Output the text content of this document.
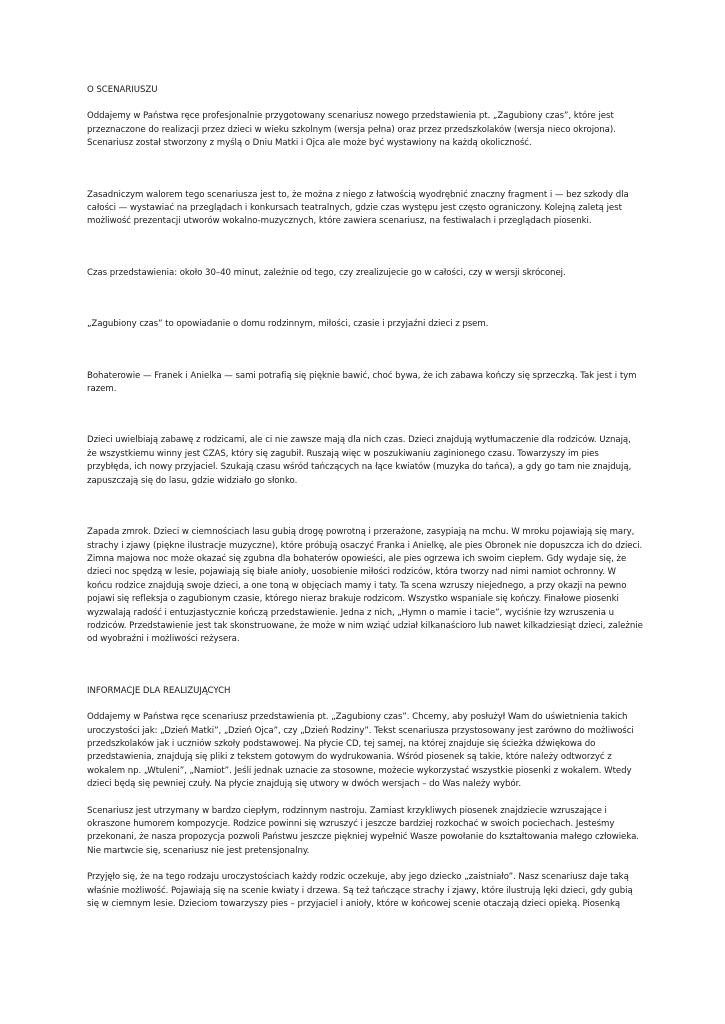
O SCENARIUSZU

Oddajemy w Państwa ręce profesjonalnie przygotowany scenariusz nowego przedstawienia pt. „Zagubiony czas”, które jest przeznaczone do realizacji przez dzieci w wieku szkolnym (wersja pełna) oraz przez przedszkolaków (wersja nieco okrojona). Scenariusz został stworzony z myślą o Dniu Matki i Ojca ale może być wystawiony na każdą okoliczność.

Zasadniczym walorem tego scenariusza jest to, że można z niego z łatwością wyodrębnić znaczny fragment i — bez szkody dla całości — wystawiać na przeglądach i konkursach teatralnych, gdzie czas występu jest często ograniczony. Kolejną zaletą jest możliwość prezentacji utworów wokalno-muzycznych, które zawiera scenariusz, na festiwalach i przeglądach piosenki.

Czas przedstawienia: około 30–40 minut, zależnie od tego, czy zrealizujecie go w całości, czy w wersji skróconej.

„Zagubiony czas” to opowiadanie o domu rodzinnym, miłości, czasie i przyjaźni dzieci z psem.

Bohaterowie — Franek i Anielka — sami potrafią się pięknie bawić, choć bywa, że ich zabawa kończy się sprzeczką. Tak jest i tym razem.

Dzieci uwielbiają zabawę z rodzicami, ale ci nie zawsze mają dla nich czas. Dzieci znajdują wytłumaczenie dla rodziców. Uznają, że wszystkiemu winny jest CZAS, który się zagubił. Ruszają więc w poszukiwaniu zaginionego czasu. Towarzyszy im pies przybłęda, ich nowy przyjaciel. Szukają czasu wśród tańczących na łące kwiatów (muzyka do tańca), a gdy go tam nie znajdują, zapuszczają się do lasu, gdzie widziało go słonko.

Zapada zmrok. Dzieci w ciemnościach lasu gubią drogę powrotną i przerażone, zasypiają na mchu. W mroku pojawiają się mary, strachy i zjawy (piękne ilustracje muzyczne), które próbują osaczyć Franka i Anielkę, ale pies Obronek nie dopuszcza ich do dzieci. Zimna majowa noc może okazać się zgubna dla bohaterów opowieści, ale pies ogrzewa ich swoim ciepłem. Gdy wydaje się, że dzieci noc spędzą w lesie, pojawiają się białe anioły, uosobienie miłości rodziców, która tworzy nad nimi namiot ochronny. W końcu rodzice znajdują swoje dzieci, a one toną w objęciach mamy i taty. Ta scena wzruszy niejednego, a przy okazji na pewno pojawi się refleksja o zagubionym czasie, którego nieraz brakuje rodzicom. Wszystko wspaniale się kończy. Finałowe piosenki wyzwalają radość i entuzjastycznie kończą przedstawienie. Jedna z nich, „Hymn o mamie i tacie”, wyciśnie łzy wzruszenia u rodziców. Przedstawienie jest tak skonstruowane, że może w nim wziąć udział kilkanaścioro lub nawet kilkadziesiąt dzieci, zależnie od wyobraźni i możliwości reżysera.

INFORMACJE DLA REALIZUJĄCYCH

Oddajemy w Państwa ręce scenariusz przedstawienia pt. „Zagubiony czas”. Chcemy, aby posłużył Wam do uświetnienia takich uroczystości jak: „Dzień Matki”, „Dzień Ojca”, czy „Dzień Rodziny”. Tekst scenariusza przystosowany jest zarówno do możliwości przedszkolaków jak i uczniów szkoły podstawowej. Na płycie CD, tej samej, na której znajduje się ścieżka dźwiękowa do przedstawienia, znajdują się pliki z tekstem gotowym do wydrukowania. Wśród piosenek są takie, które należy odtworzyć z wokalem np. „Wtuleni”, „Namiot”. Jeśli jednak uznacie za stosowne, możecie wykorzystać wszystkie piosenki z wokalem. Wtedy dzieci będą się pewniej czuły. Na płycie znajdują się utwory w dwóch wersjach – do Was należy wybór.

Scenariusz jest utrzymany w bardzo ciepłym, rodzinnym nastroju. Zamiast krzykliwych piosenek znajdziecie wzruszające i okraszone humorem kompozycje. Rodzice powinni się wzruszyć i jeszcze bardziej rozkochać w swoich pociechach. Jesteśmy przekonani, że nasza propozycja pozwoli Państwu jeszcze piękniej wypełnić Wasze powołanie do kształtowania małego człowieka. Nie martwcie się, scenariusz nie jest pretensjonalny.

Przyjęło się, że na tego rodzaju uroczystościach każdy rodzic oczekuje, aby jego dziecko „zaistniało”. Nasz scenariusz daje taką właśnie możliwość. Pojawiają się na scenie kwiaty i drzewa. Są też tańczące strachy i zjawy, które ilustrują lęki dzieci, gdy gubią się w ciemnym lesie. Dzieciom towarzyszy pies – przyjaciel i anioły, które w końcowej scenie otaczają dzieci opieką. Piosenką
